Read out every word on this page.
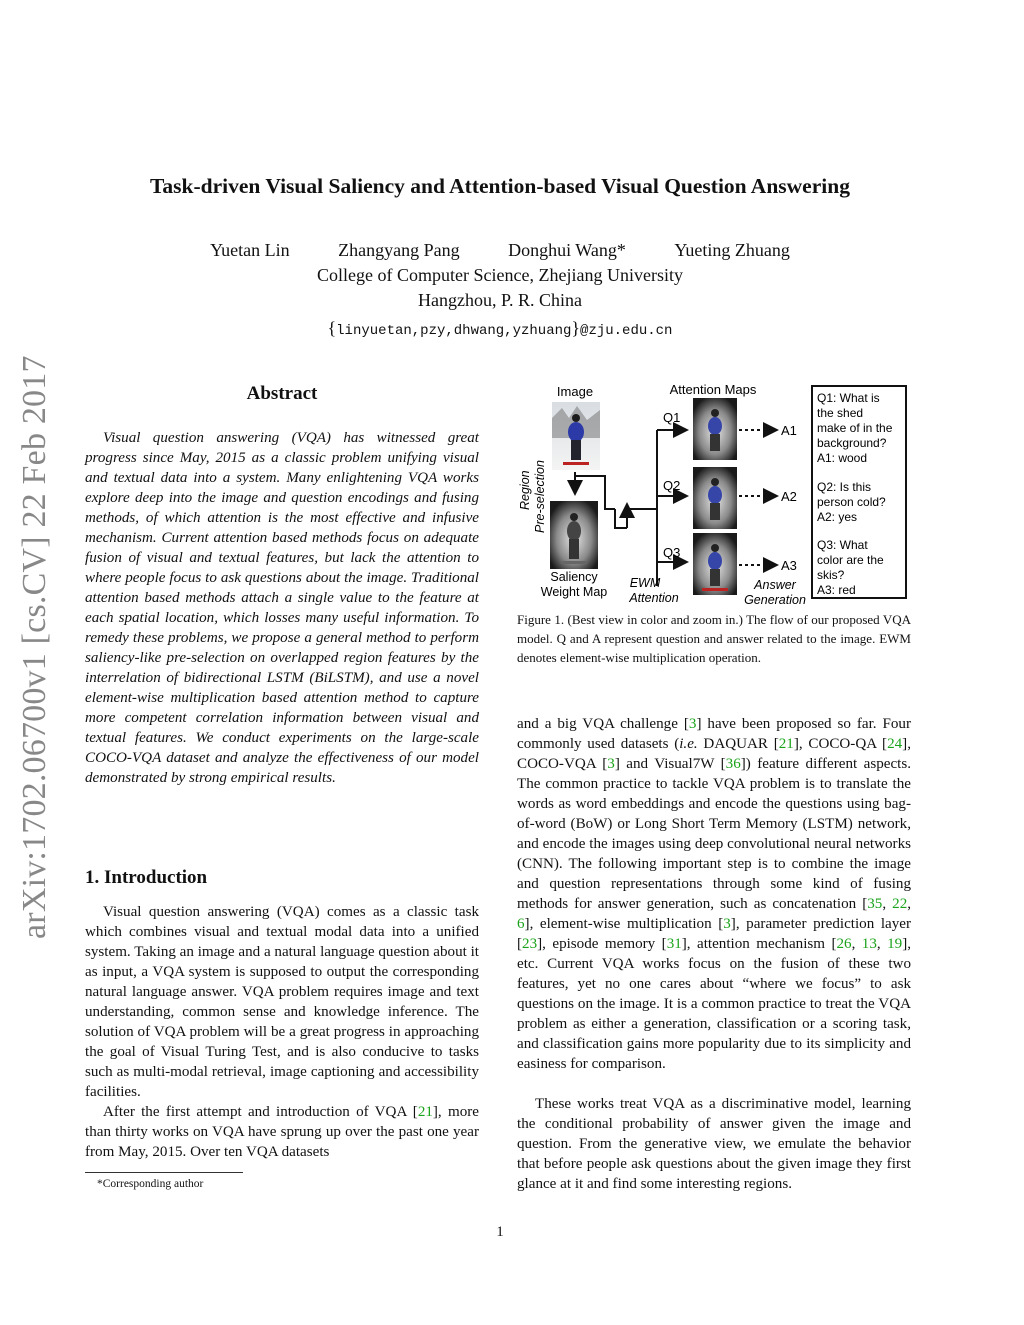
Task-driven Visual Saliency and Attention-based Visual Question Answering
Yuetan Lin	Zhangyang Pang	Donghui Wang*	Yueting Zhuang
College of Computer Science, Zhejiang University
Hangzhou, P. R. China
{linyuetan,pzy,dhwang,yzhuang}@zju.edu.cn
arXiv:1702.06700v1 [cs.CV] 22 Feb 2017	Abstract

Visual question answering (VQA) has witnessed great progress since May, 2015 as a classic problem unifying visual and textual data into a system. Many enlightening VQA works explore deep into the image and question encodings and fusing methods, of which attention is the most effective and infusive mechanism. Current attention based methods focus on adequate fusion of visual and textual features, but lack the attention to where people focus to ask questions about the image. Traditional attention based methods attach a single value to the feature at each spatial location, which losses many useful information. To remedy these problems, we propose a general method to perform saliency-like pre-selection on overlapped region features by the interrelation of bidirectional LSTM (BiLSTM), and use a novel element-wise multiplication based attention method to capture more competent correlation information between visual and textual features. We conduct experiments on the large-scale COCO-VQA dataset and analyze the effectiveness of our model demonstrated by strong empirical results.

1. Introduction

Visual question answering (VQA) comes as a classic task which combines visual and textual modal data into a unified system. Taking an image and a natural language question about it as input, a VQA system is supposed to output the corresponding natural language answer. VQA problem requires image and text understanding, common sense and knowledge inference. The solution of VQA problem will be a great progress in approaching the goal of Visual Turing Test, and is also conducive to tasks such as multi-modal retrieval, image captioning and accessibility facilities.

After the first attempt and introduction of VQA [21], more than thirty works on VQA have sprung up over the past one year from May, 2015. Over ten VQA datasets

*Corresponding author
Image
Saliency
Weight Map
Region Pre-selection
Q1
Q2
Q3
Attention Maps
EWM
Attention
A1
A2
A3
Answer
Generation
Q1: What is
the shed
make of in the
background?
A1: wood
Q2: Is this
person cold?
A2: yes
Q3: What
color are the
skis?
A3: red

Figure 1. (Best view in color and zoom in.) The flow of our proposed VQA model. Q and A represent question and answer related to the image. EWM denotes element-wise multiplication operation.

and a big VQA challenge [3] have been proposed so far. Four commonly used datasets (i.e. DAQUAR [21], COCO-QA [24], COCO-VQA [3] and Visual7W [36]) feature different aspects. The common practice to tackle VQA problem is to translate the words as word embeddings and encode the questions using bag-of-word (BoW) or Long Short Term Memory (LSTM) network, and encode the images using deep convolutional neural networks (CNN). The following important step is to combine the image and question representations through some kind of fusing methods for answer generation, such as concatenation [35, 22, 6], element-wise multiplication [3], parameter prediction layer [23], episode memory [31], attention mechanism [26, 13, 19], etc. Current VQA works focus on the fusion of these two features, yet no one cares about “where we focus” to ask questions on the image. It is a common practice to treat the VQA problem as either a generation, classification or a scoring task, and classification gains more popularity due to its simplicity and easiness for comparison.

These works treat VQA as a discriminative model, learning the conditional probability of answer given the image and question. From the generative view, we emulate the behavior that before people ask questions about the given image they first glance at it and find some interesting regions.

1
